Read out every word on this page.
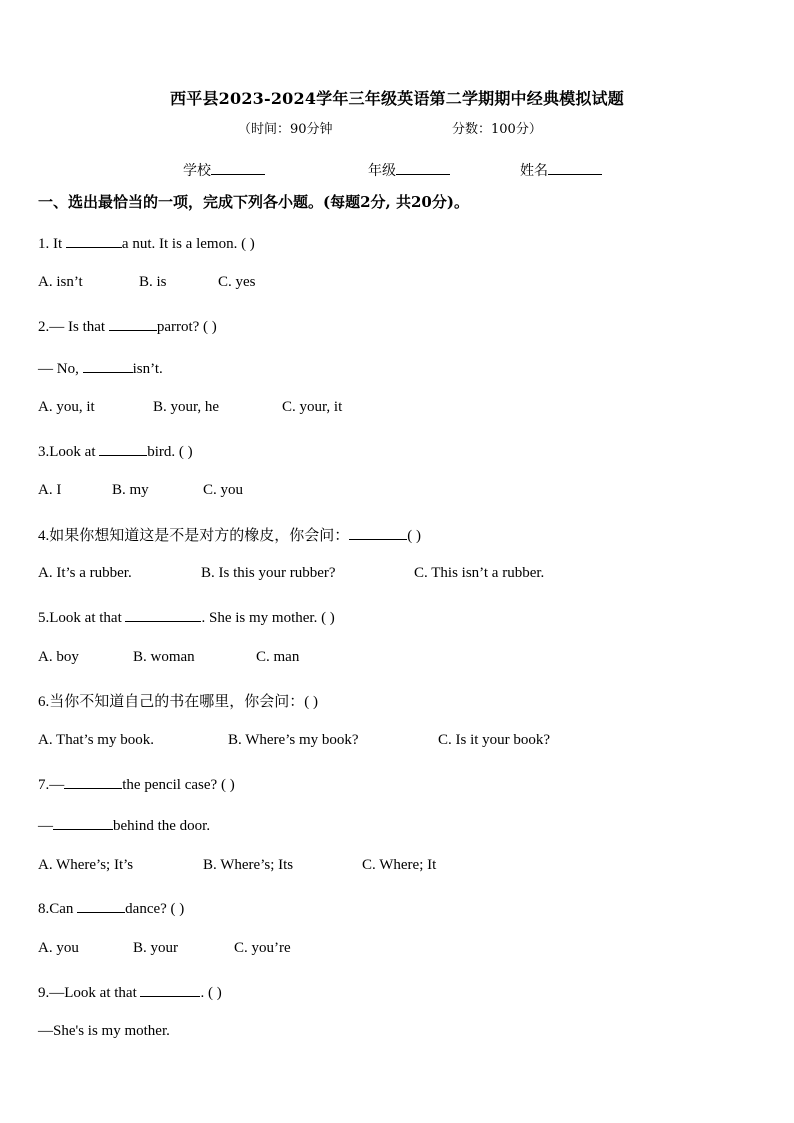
西平县2023-2024学年三年级英语第二学期期中经典模拟试题
（时间：90分钟	分数：100分）
学校	年级	姓名
一、选出最恰当的一项，完成下列各小题。(每题2分, 共20分)。
1. It	a nut. It is a lemon. ( )
A. isn’t	B. is	C. yes
2.— Is that	parrot? ( )
— No,	isn’t.
A. you, it	B. your, he	C. your, it
3.Look at	bird. ( )
A. I	B. my	C. you
4.如果你想知道这是不是对方的橡皮，你会问：	( )
A. It’s a rubber.	B. Is this your rubber?	C. This isn’t a rubber.
5.Look at that	. She is my mother. ( )
A. boy	B. woman	C. man
6.当你不知道自己的书在哪里，你会问：( )
A. That’s my book.	B. Where’s my book?	C. Is it your book?
7.—	the pencil case? ( )
—	behind the door.
A. Where’s; It’s	B. Where’s; Its	C. Where; It
8.Can	dance? ( )
A. you	B. your	C. you’re
9.—Look at that	. ( )
—She's is my mother.
